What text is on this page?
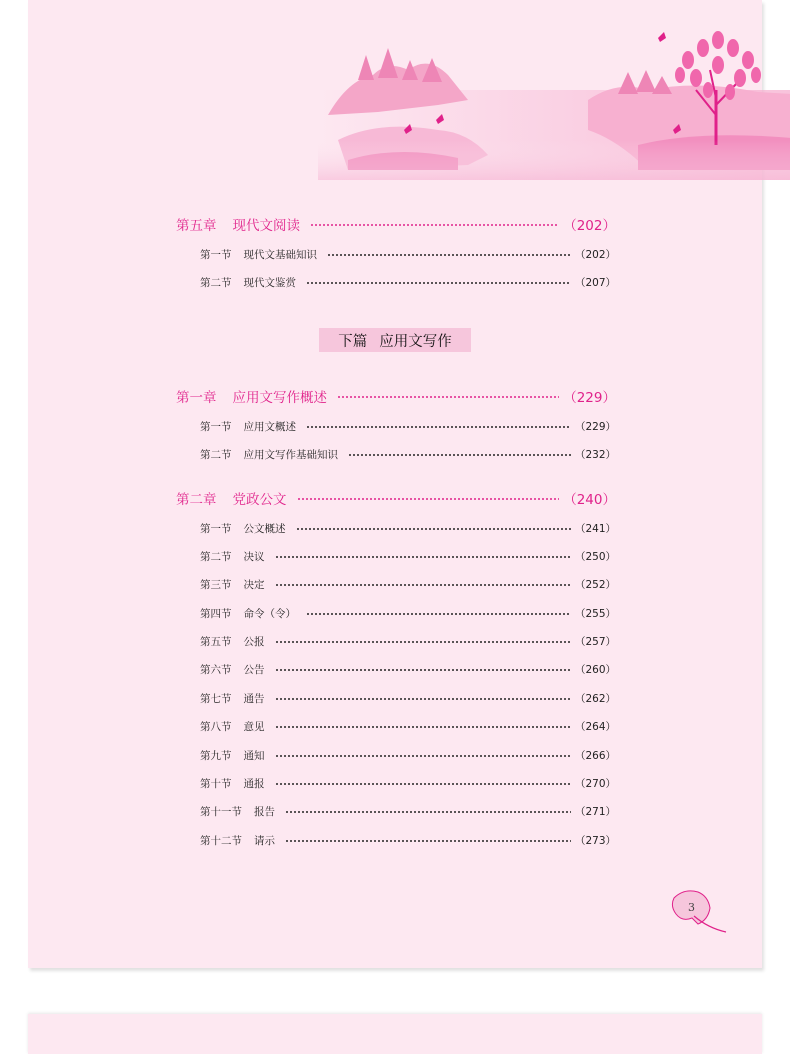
下篇 应用文写作
第五章 现代文阅读	（202）
第一节 现代文基础知识	（202）
第二节 现代文鉴赏	（207）
第一章 应用文写作概述	（229）
第一节 应用文概述	（229）
第二节 应用文写作基础知识	（232）
第二章 党政公文	（240）
第一节 公文概述	（241）
第二节 决议	（250）
第三节 决定	（252）
第四节 命令（令）	（255）
第五节 公报	（257）
第六节 公告	（260）
第七节 通告	（262）
第八节 意见	（264）
第九节 通知	（266）
第十节 通报	（270）
第十一节 报告	（271）
第十二节 请示	（273）
3
